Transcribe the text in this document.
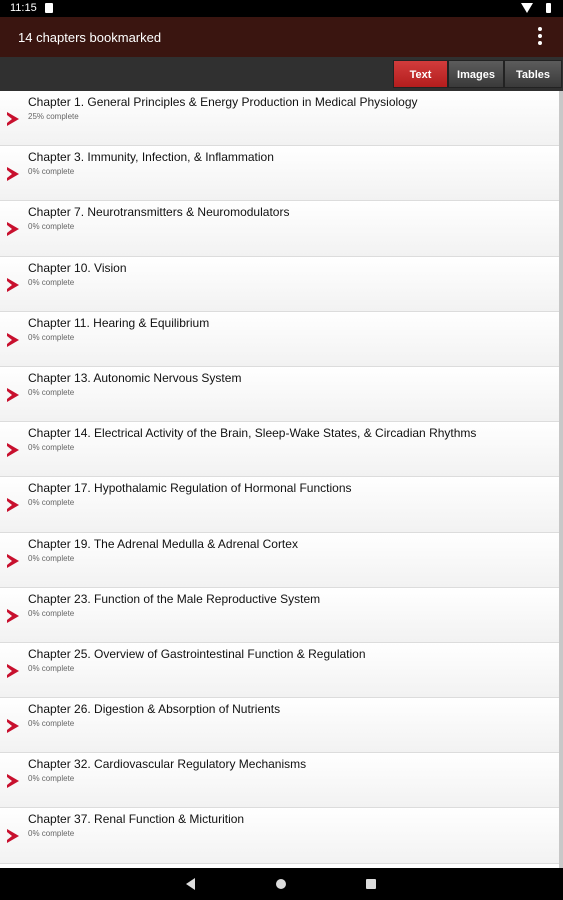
11:15
14 chapters bookmarked
Text	Images	Tables
Chapter 1. General Principles & Energy Production in Medical Physiology
25% complete
Chapter 3. Immunity, Infection, & Inflammation
0% complete
Chapter 7. Neurotransmitters & Neuromodulators
0% complete
Chapter 10. Vision
0% complete
Chapter 11. Hearing & Equilibrium
0% complete
Chapter 13. Autonomic Nervous System
0% complete
Chapter 14. Electrical Activity of the Brain, Sleep-Wake States, & Circadian Rhythms
0% complete
Chapter 17. Hypothalamic Regulation of Hormonal Functions
0% complete
Chapter 19. The Adrenal Medulla & Adrenal Cortex
0% complete
Chapter 23. Function of the Male Reproductive System
0% complete
Chapter 25. Overview of Gastrointestinal Function & Regulation
0% complete
Chapter 26. Digestion & Absorption of Nutrients
0% complete
Chapter 32. Cardiovascular Regulatory Mechanisms
0% complete
Chapter 37. Renal Function & Micturition
0% complete
